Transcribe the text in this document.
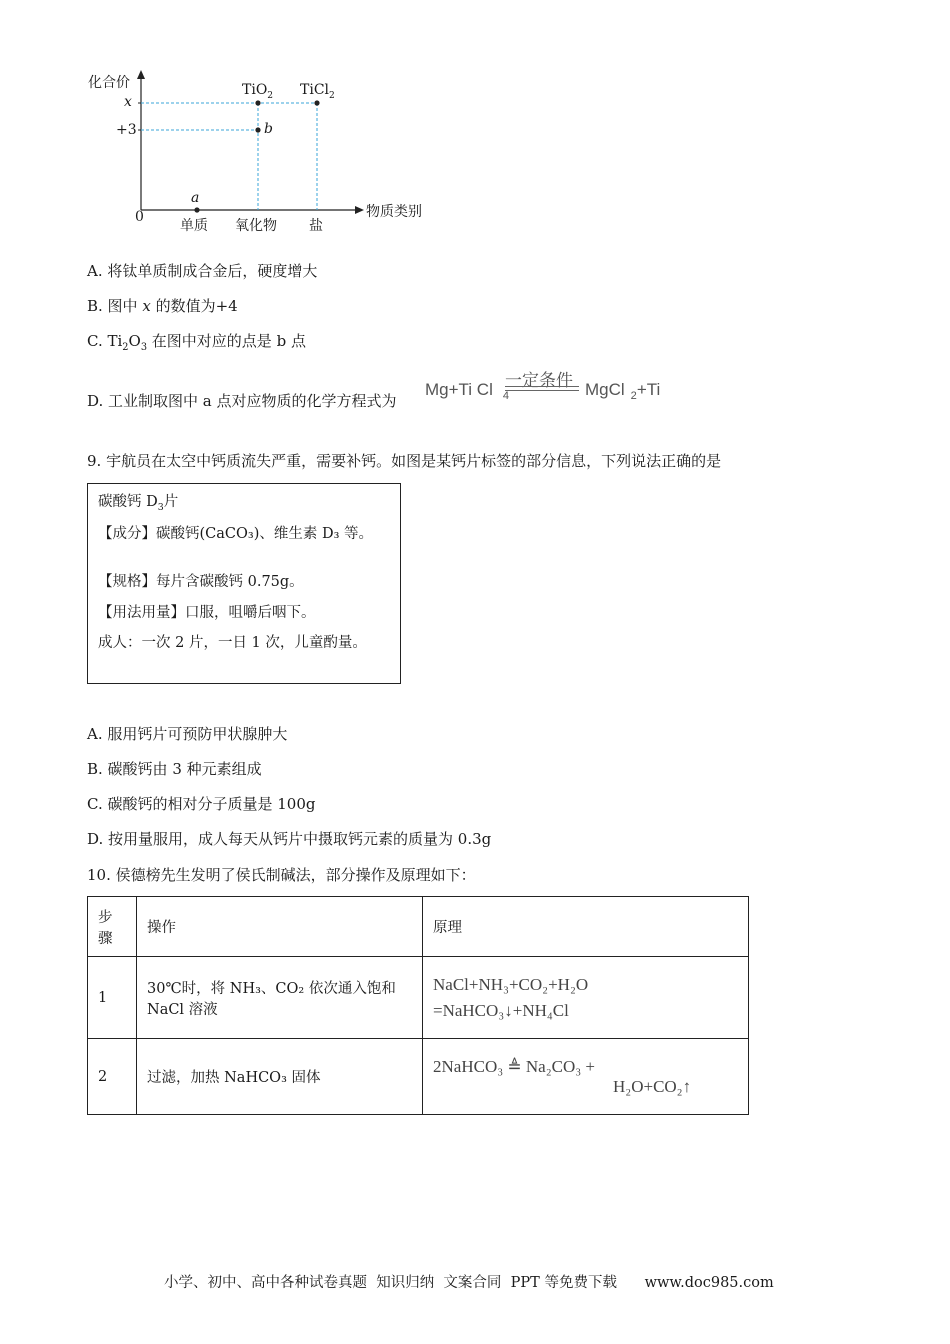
化合价
x
+3
0
TiO$_2$ TiCl$_2$
b
a
物质类别
单质 氧化物 盐
A. 将钛单质制成合金后，硬度增大
B. 图中 x 的数值为+4
C. $Ti_2O_3$ 在图中对应的点是 b 点
D. 工业制取图中 a 点对应物质的化学方程式为
Mg+Ti Cl $_4$
一定条件 MgCl $_2$+Ti
9. 宇航员在太空中钙质流失严重，需要补钙。如图是某钙片标签的部分信息，下列说法正确的是
碳酸钙 $D_3$片
【成分】碳酸钙(CaCO₃)、维生素 D₃ 等。
【规格】每片含碳酸钙 0.75g。
【用法用量】口服，咀嚼后咽下。
成人：一次 2 片，一日 1 次，儿童酌量。
A. 服用钙片可预防甲状腺肿大
B. 碳酸钙由 3 种元素组成
C. 碳酸钙的相对分子质量是 100g
D. 按用量服用，成人每天从钙片中摄取钙元素的质量为 0.3g
10. 侯德榜先生发明了侯氏制碱法，部分操作及原理如下：
步骤	操作	原理
1	30℃时，将 NH₃、CO₂ 依次通入饱和 NaCl 溶液	NaCl+NH₃+CO₂+H₂O
=NaHCO₃↓+NH₄Cl

2	过滤，加热 NaHCO₃ 固体	2NaHCO₃ ≜ Na₂CO₃ +
H₂O+CO₂↑
小学、初中、高中各种试卷真题  知识归纳  文案合同  PPT 等免费下载      www.doc985.com
